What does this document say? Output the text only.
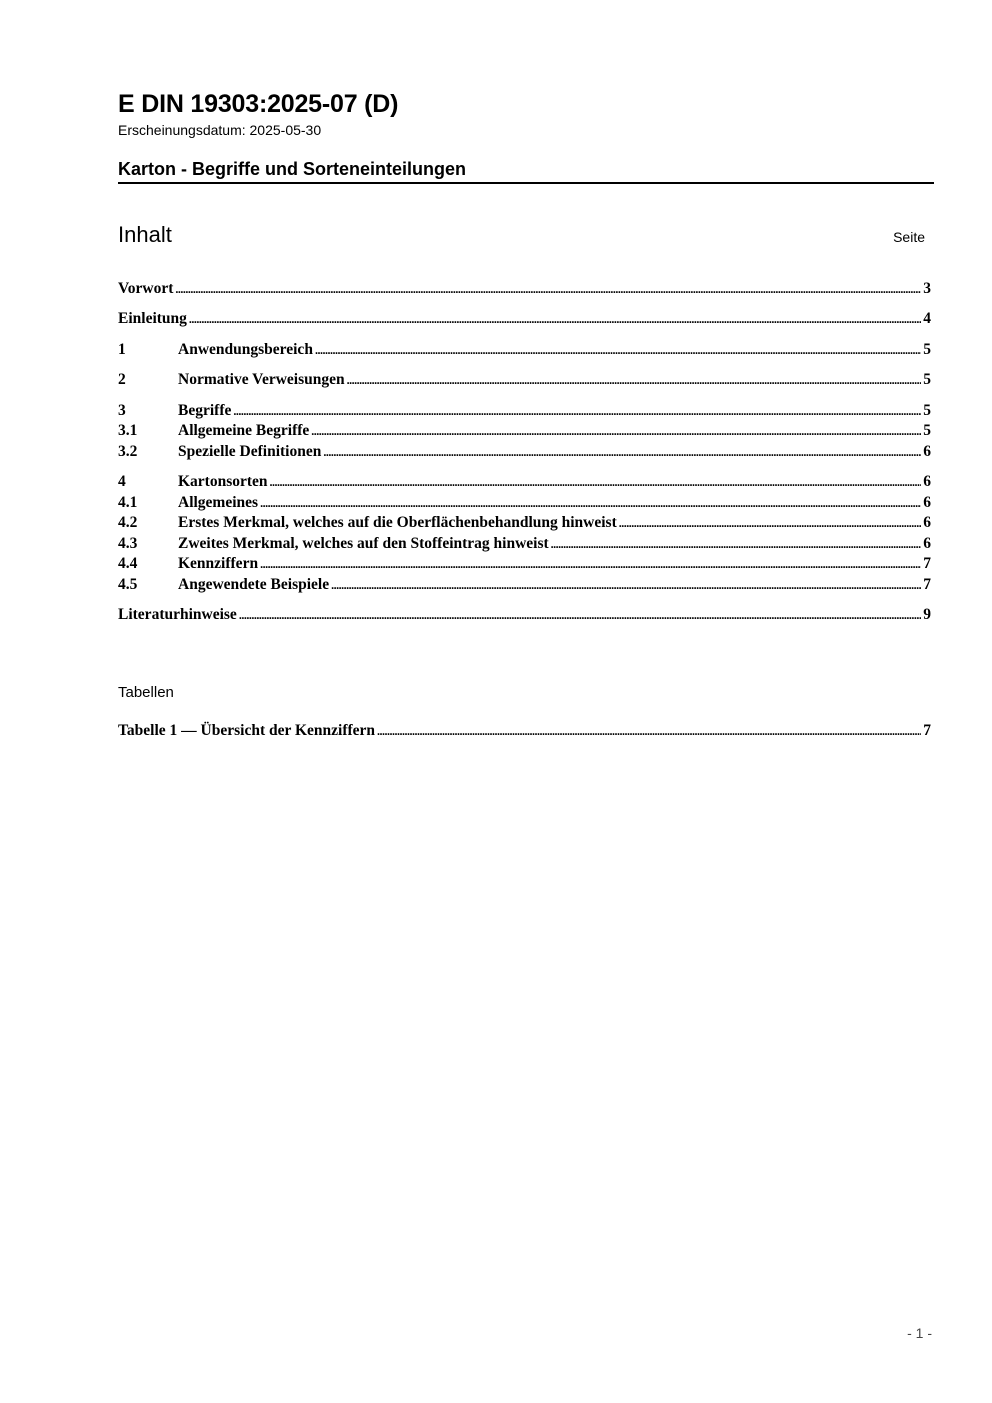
E DIN 19303:2025-07 (D)
Erscheinungsdatum: 2025-05-30
Karton - Begriffe und Sorteneinteilungen
Inhalt	Seite
Vorwort .....	3
Einleitung .....	4
1	Anwendungsbereich .....	5
2	Normative Verweisungen .....	5
3	Begriffe .....	5
3.1	Allgemeine Begriffe .....	5
3.2	Spezielle Definitionen .....	6
4	Kartonsorten .....	6
4.1	Allgemeines .....	6
4.2	Erstes Merkmal, welches auf die Oberflächenbehandlung hinweist .....	6
4.3	Zweites Merkmal, welches auf den Stoffeintrag hinweist .....	6
4.4	Kennziffern .....	7
4.5	Angewendete Beispiele .....	7
Literaturhinweise .....	9
Tabellen
Tabelle 1 — Übersicht der Kennziffern .....	7
- 1 -
